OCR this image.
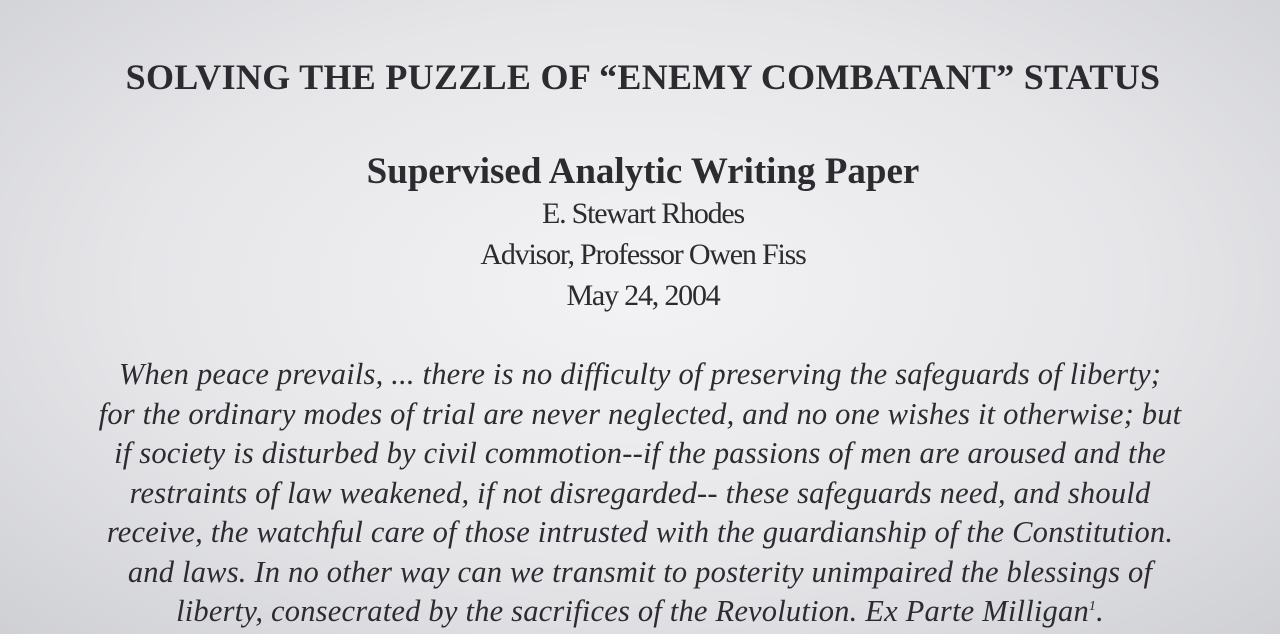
SOLVING THE PUZZLE OF “ENEMY COMBATANT” STATUS
Supervised Analytic Writing Paper
E. Stewart Rhodes
Advisor, Professor Owen Fiss
May 24, 2004
When peace prevails, ... there is no difficulty of preserving the safeguards of liberty;
for the ordinary modes of trial are never neglected, and no one wishes it otherwise; but
if society is disturbed by civil commotion--if the passions of men are aroused and the
restraints of law weakened, if not disregarded-- these safeguards need, and should
receive, the watchful care of those intrusted with the guardianship of the Constitution.
and laws. In no other way can we transmit to posterity unimpaired the blessings of
liberty, consecrated by the sacrifices of the Revolution. Ex Parte Milligan$^1$.
